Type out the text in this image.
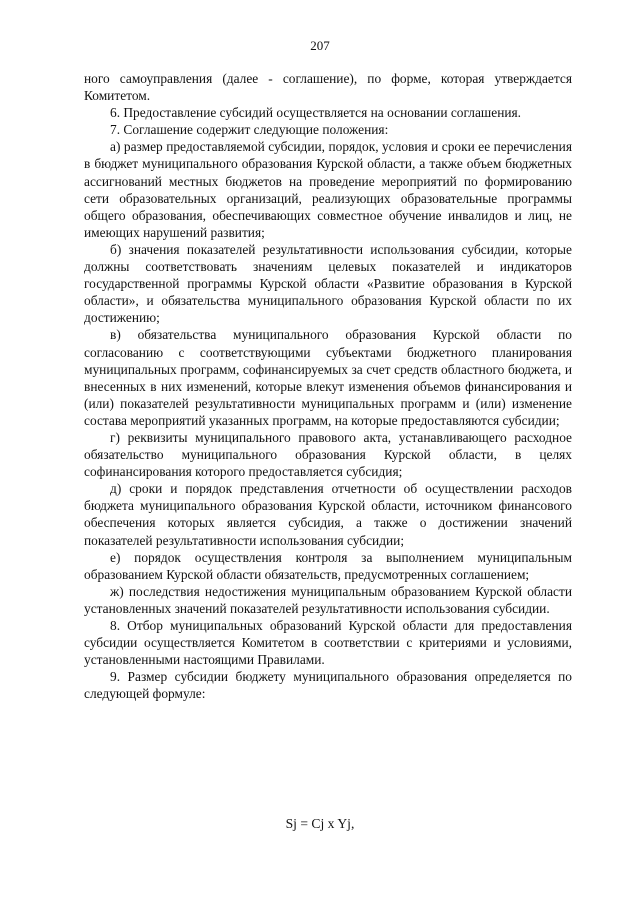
207

ного самоуправления (далее - соглашение), по форме, которая утверждается Комитетом.

6. Предоставление субсидий осуществляется на основании соглашения.

7. Соглашение содержит следующие положения:

а) размер предоставляемой субсидии, порядок, условия и сроки ее перечисления в бюджет муниципального образования Курской области, а также объем бюджетных ассигнований местных бюджетов на проведение мероприятий по формированию сети образовательных организаций, реализующих образовательные программы общего образования, обеспечивающих совместное обучение инвалидов и лиц, не имеющих нарушений развития;

б) значения показателей результативности использования субсидии, которые должны соответствовать значениям целевых показателей и индикаторов государственной программы Курской области «Развитие образования в Курской области», и обязательства муниципального образования Курской области по их достижению;

в) обязательства муниципального образования Курской области по согласованию с соответствующими субъектами бюджетного планирования муниципальных программ, софинансируемых за счет средств областного бюджета, и внесенных в них изменений, которые влекут изменения объемов финансирования и (или) показателей результативности муниципальных программ и (или) изменение состава мероприятий указанных программ, на которые предоставляются субсидии;

г) реквизиты муниципального правового акта, устанавливающего расходное обязательство муниципального образования Курской области, в целях софинансирования которого предоставляется субсидия;

д) сроки и порядок представления отчетности об осуществлении расходов бюджета муниципального образования Курской области, источником финансового обеспечения которых является субсидия, а также о достижении значений показателей результативности использования субсидии;

е) порядок осуществления контроля за выполнением муниципальным образованием Курской области обязательств, предусмотренных соглашением;

ж) последствия недостижения муниципальным образованием Курской области установленных значений показателей результативности использования субсидии.

8. Отбор муниципальных образований Курской области для предоставления субсидии осуществляется Комитетом в соответствии с критериями и условиями, установленными настоящими Правилами.

9. Размер субсидии бюджету муниципального образования определяется по следующей формуле:

Sj = Cj x Yj,
